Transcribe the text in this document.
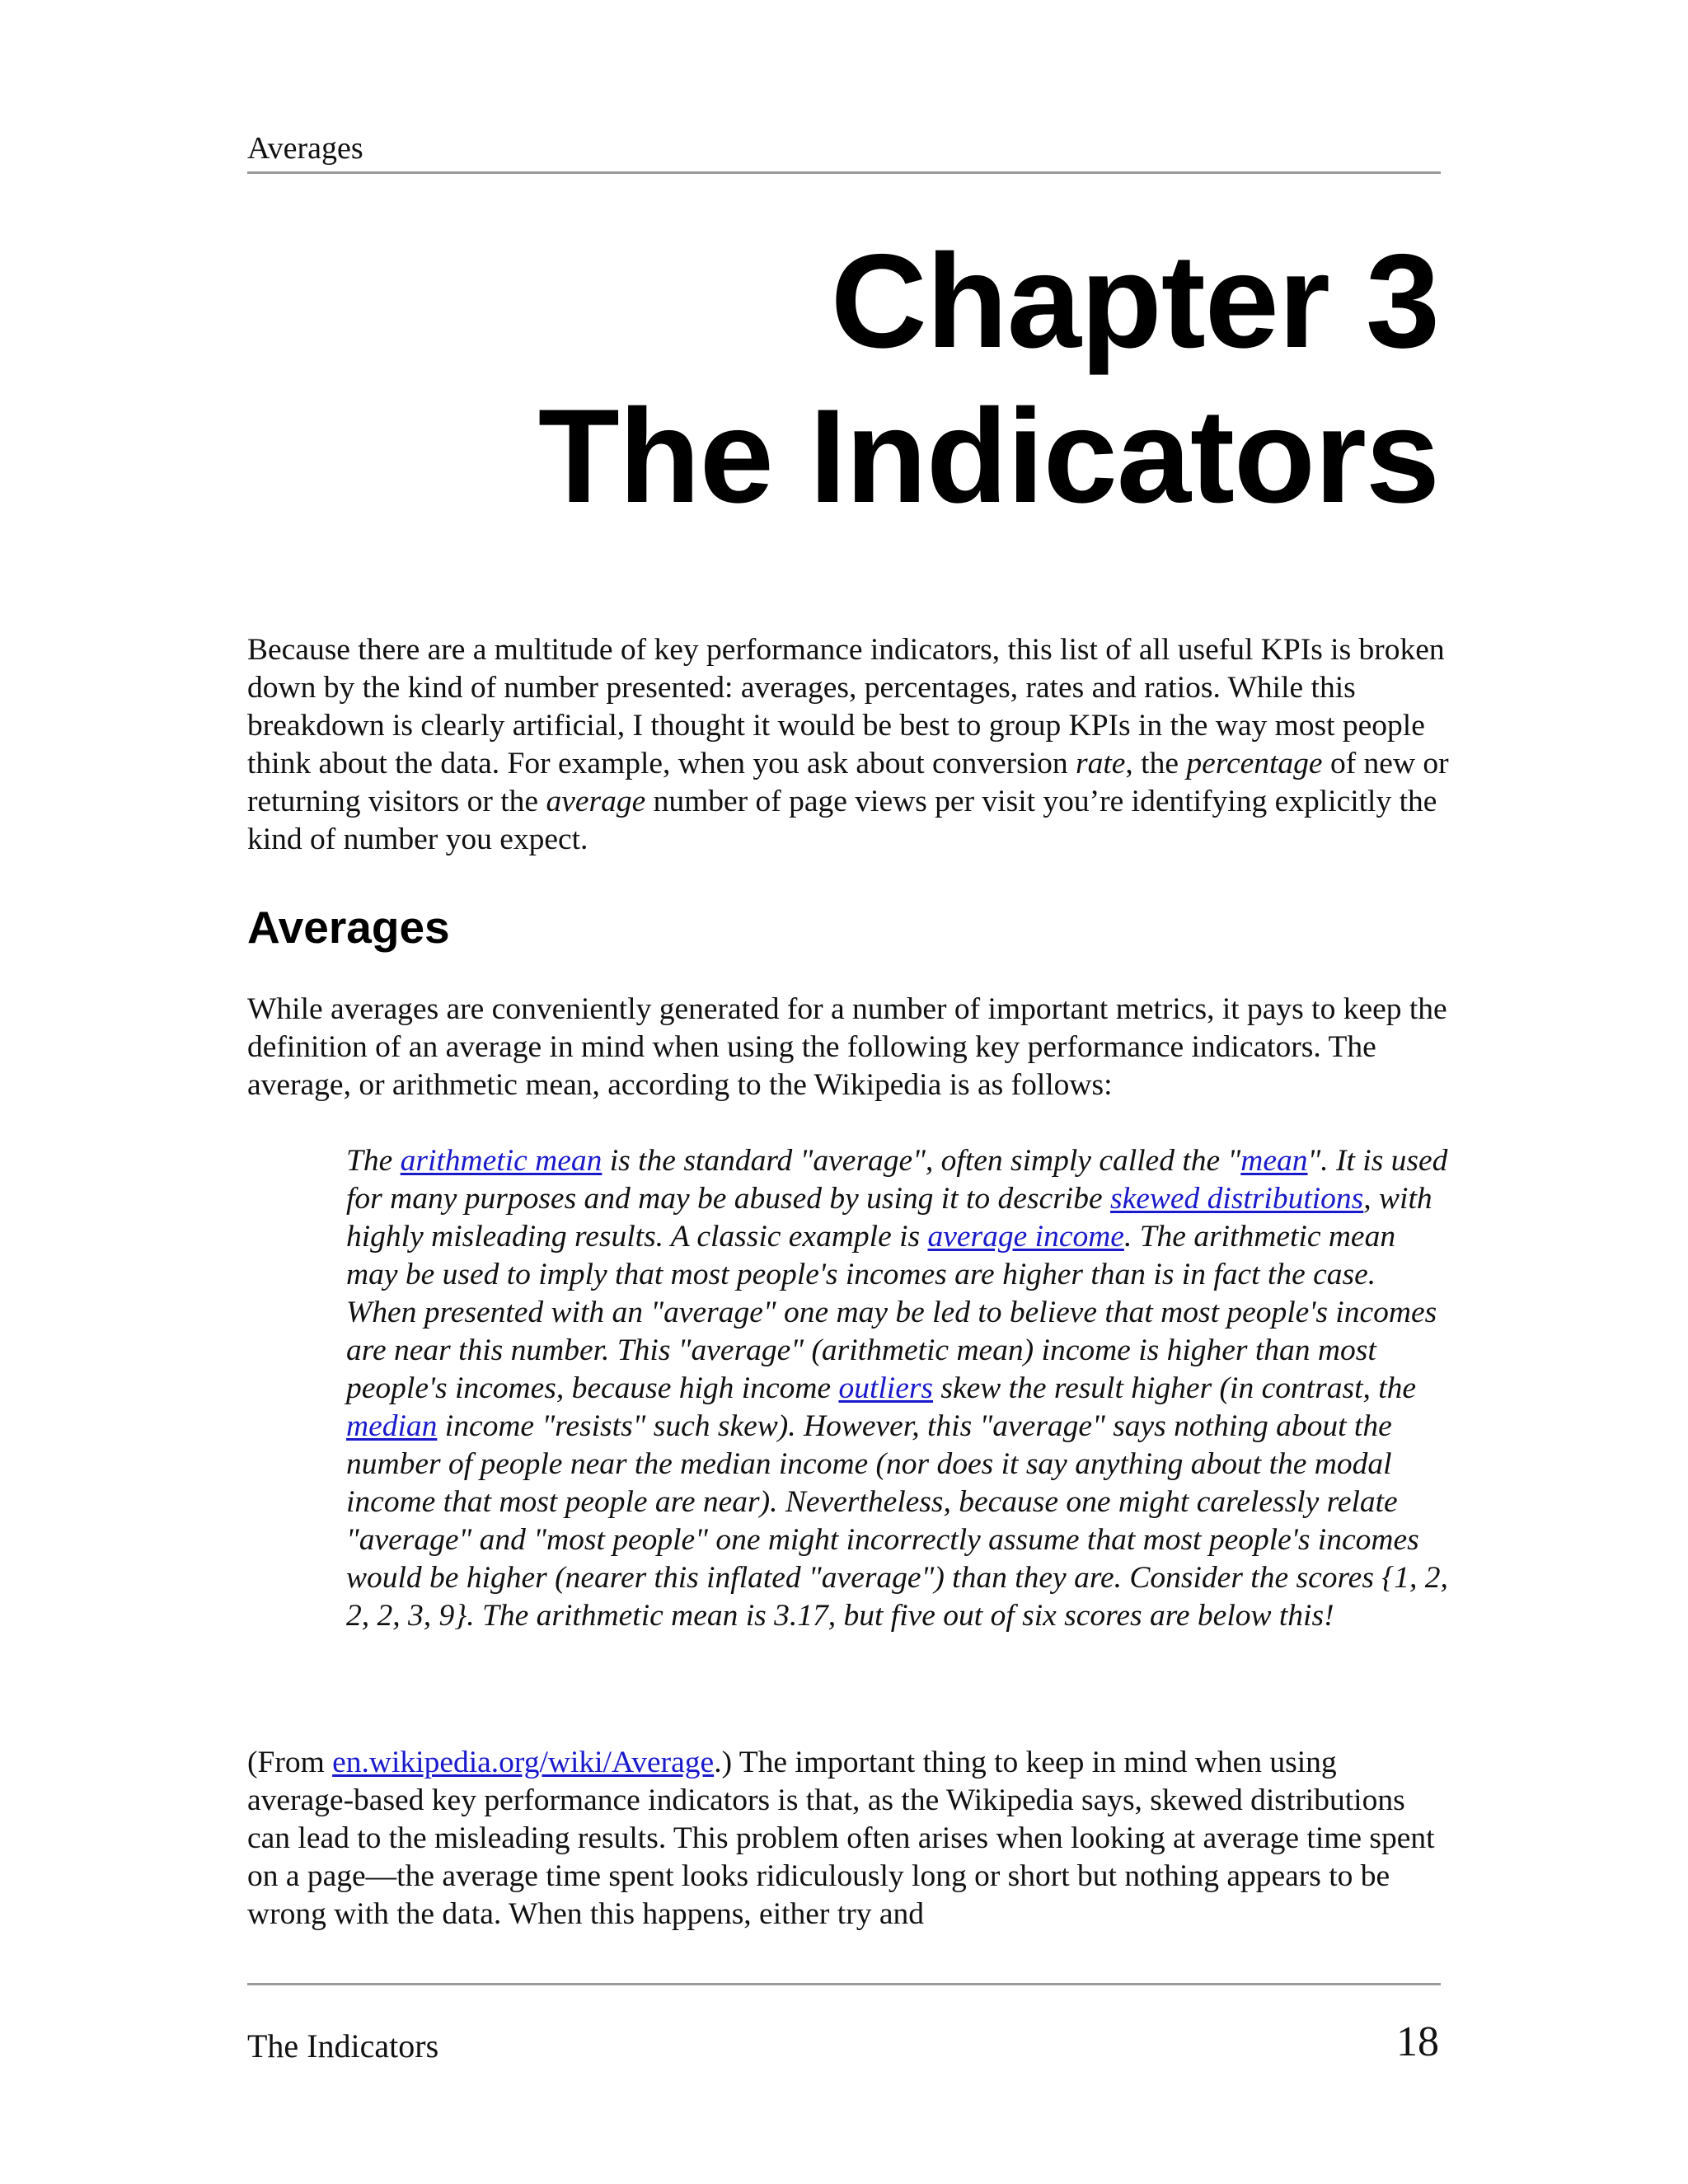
Averages
Chapter 3
The Indicators

Because there are a multitude of key performance indicators, this list of all useful KPIs is broken down by the kind of number presented: averages, percentages, rates and ratios. While this breakdown is clearly artificial, I thought it would be best to group KPIs in the way most people think about the data. For example, when you ask about conversion rate, the percentage of new or returning visitors or the average number of page views per visit you’re identifying explicitly the kind of number you expect.

Averages

While averages are conveniently generated for a number of important metrics, it pays to keep the definition of an average in mind when using the following key performance indicators. The average, or arithmetic mean, according to the Wikipedia is as follows:

The arithmetic mean is the standard "average", often simply called the "mean". It is used for many purposes and may be abused by using it to describe skewed distributions, with highly misleading results. A classic example is average income. The arithmetic mean may be used to imply that most people's incomes are higher than is in fact the case. When presented with an "average" one may be led to believe that most people's incomes are near this number. This "average" (arithmetic mean) income is higher than most people's incomes, because high income outliers skew the result higher (in contrast, the median income "resists" such skew). However, this "average" says nothing about the number of people near the median income (nor does it say anything about the modal income that most people are near). Nevertheless, because one might carelessly relate "average" and "most people" one might incorrectly assume that most people's incomes would be higher (nearer this inflated "average") than they are. Consider the scores {1, 2, 2, 2, 3, 9}. The arithmetic mean is 3.17, but five out of six scores are below this!

(From en.wikipedia.org/wiki/Average.) The important thing to keep in mind when using average-based key performance indicators is that, as the Wikipedia says, skewed distributions can lead to the misleading results. This problem often arises when looking at average time spent on a page—the average time spent looks ridiculously long or short but nothing appears to be wrong with the data. When this happens, either try and

The Indicators	18
